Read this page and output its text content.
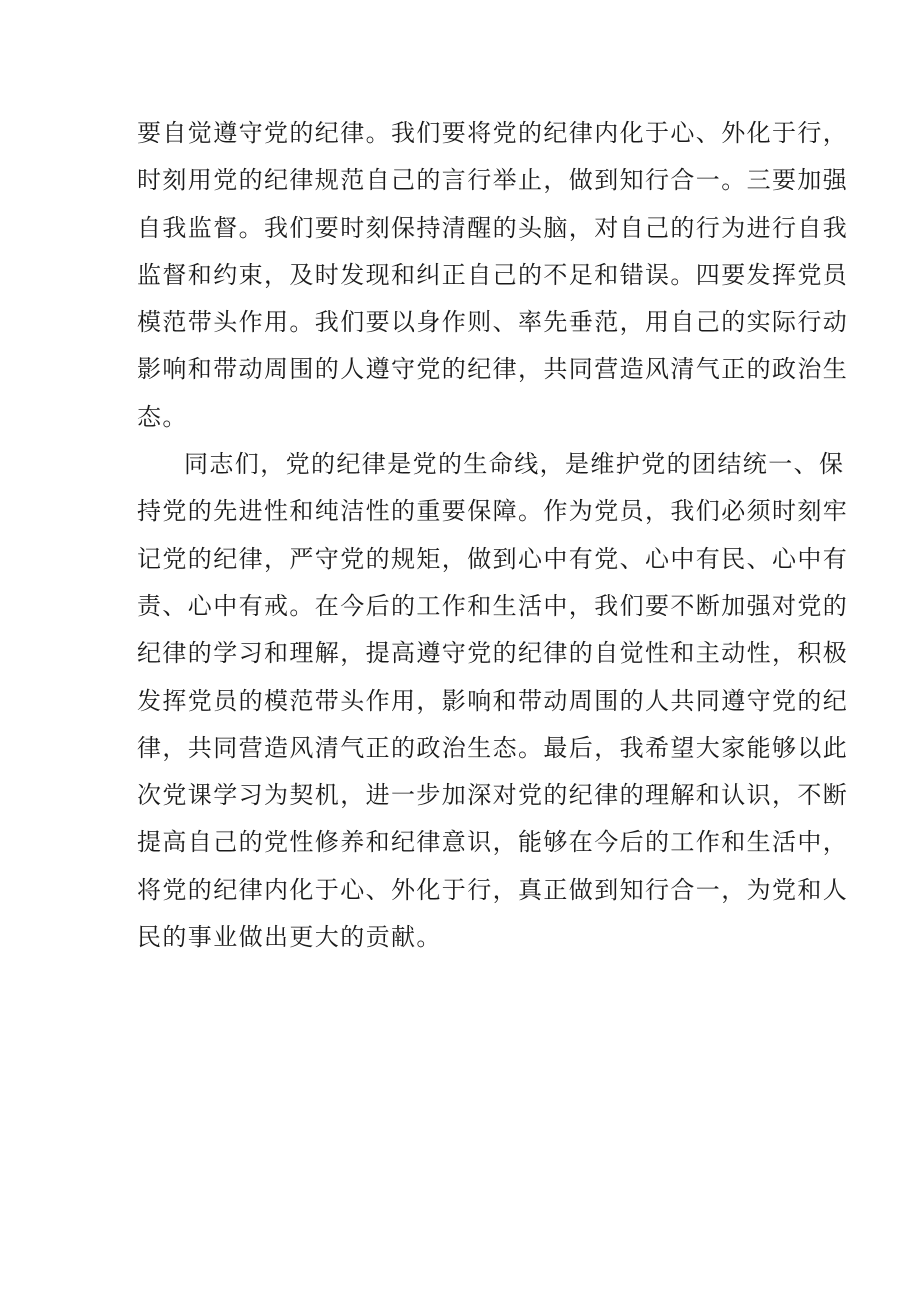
要自觉遵守党的纪律。我们要将党的纪律内化于心、外化于行，
时刻用党的纪律规范自己的言行举止，做到知行合一。三要加强
自我监督。我们要时刻保持清醒的头脑，对自己的行为进行自我
监督和约束，及时发现和纠正自己的不足和错误。四要发挥党员
模范带头作用。我们要以身作则、率先垂范，用自己的实际行动
影响和带动周围的人遵守党的纪律，共同营造风清气正的政治生
态。
同志们，党的纪律是党的生命线，是维护党的团结统一、保
持党的先进性和纯洁性的重要保障。作为党员，我们必须时刻牢
记党的纪律，严守党的规矩，做到心中有党、心中有民、心中有
责、心中有戒。在今后的工作和生活中，我们要不断加强对党的
纪律的学习和理解，提高遵守党的纪律的自觉性和主动性，积极
发挥党员的模范带头作用，影响和带动周围的人共同遵守党的纪
律，共同营造风清气正的政治生态。最后，我希望大家能够以此
次党课学习为契机，进一步加深对党的纪律的理解和认识，不断
提高自己的党性修养和纪律意识，能够在今后的工作和生活中，
将党的纪律内化于心、外化于行，真正做到知行合一，为党和人
民的事业做出更大的贡献。
